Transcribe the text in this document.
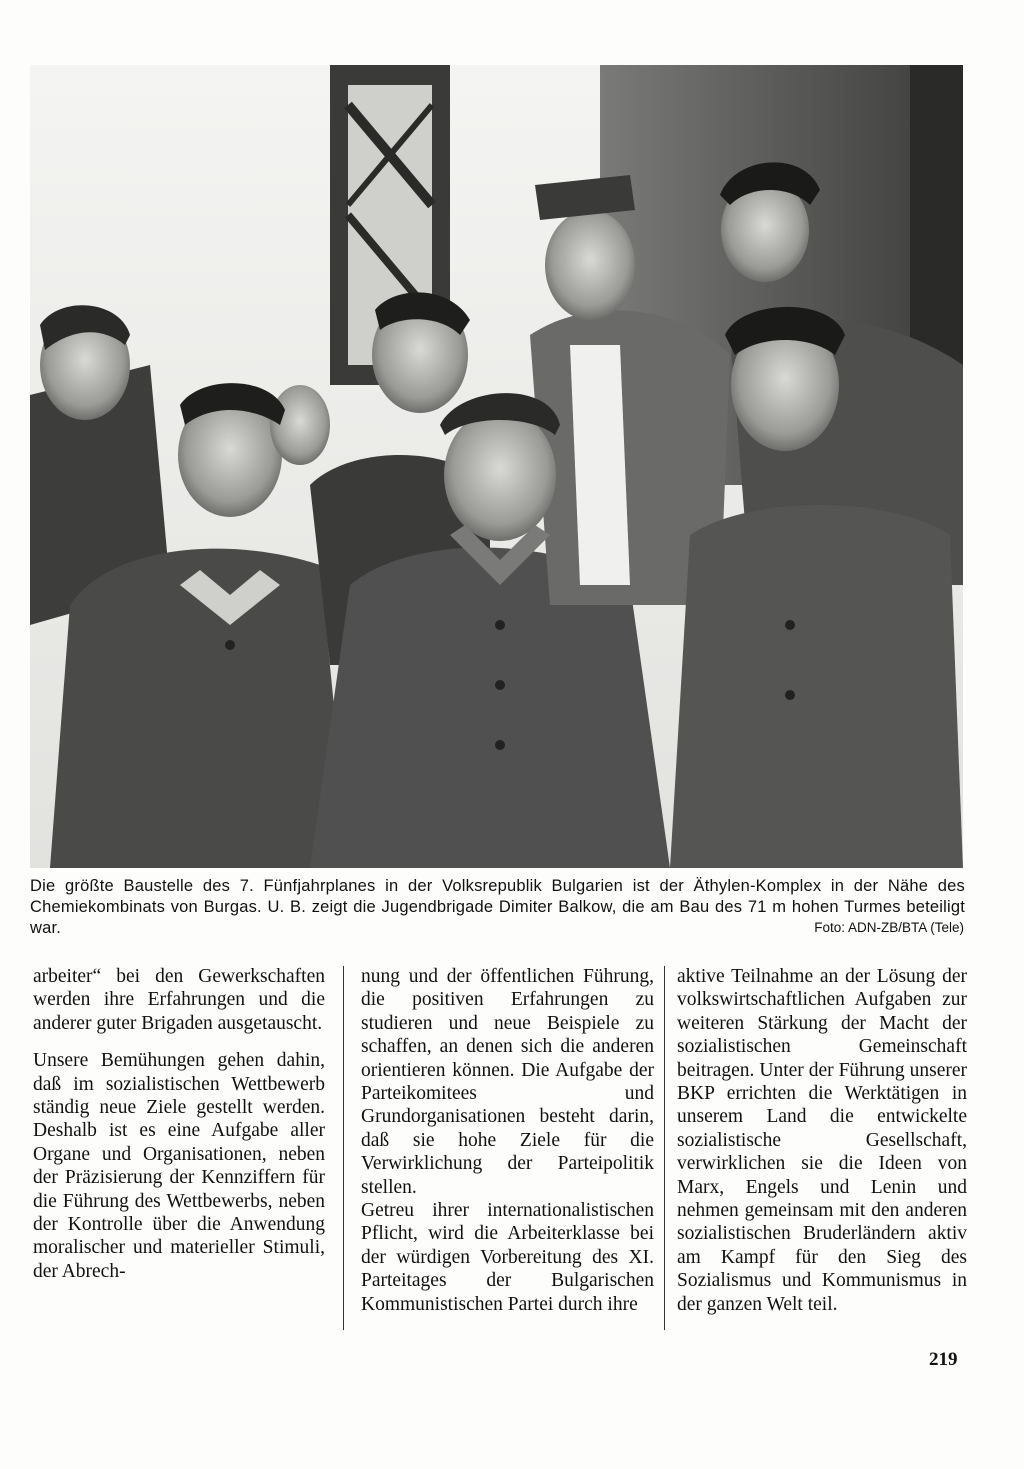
Die größte Baustelle des 7. Fünfjahrplanes in der Volksrepublik Bulgarien ist der Äthylen-Komplex in der Nähe des Chemiekombinats von Burgas. U. B. zeigt die Jugendbrigade Dimiter Balkow, die am Bau des 71 m hohen Turmes beteiligt war.	Foto: ADN-ZB/BTA (Tele)

arbeiter“ bei den Gewerkschaften werden ihre Erfahrungen und die anderer guter Brigaden ausgetauscht.

Unsere Bemühungen gehen dahin, daß im sozialistischen Wettbewerb ständig neue Ziele gestellt werden. Deshalb ist es eine Aufgabe aller Organe und Organisationen, neben der Präzisierung der Kennziffern für die Führung des Wettbewerbs, neben der Kontrolle über die Anwendung moralischer und materieller Stimuli, der Abrech-

nung und der öffentlichen Führung, die positiven Erfahrungen zu studieren und neue Beispiele zu schaffen, an denen sich die anderen orientieren können. Die Aufgabe der Parteikomitees und Grundorganisationen besteht darin, daß sie hohe Ziele für die Verwirklichung der Parteipolitik stellen.

Getreu ihrer internationalistischen Pflicht, wird die Arbeiterklasse bei der würdigen Vorbereitung des XI. Parteitages der Bulgarischen Kommunistischen Partei durch ihre

aktive Teilnahme an der Lösung der volkswirtschaftlichen Aufgaben zur weiteren Stärkung der Macht der sozialistischen Gemeinschaft beitragen. Unter der Führung unserer BKP errichten die Werktätigen in unserem Land die entwickelte sozialistische Gesellschaft, verwirklichen sie die Ideen von Marx, Engels und Lenin und nehmen gemeinsam mit den anderen sozialistischen Bruderländern aktiv am Kampf für den Sieg des Sozialismus und Kommunismus in der ganzen Welt teil.

219
